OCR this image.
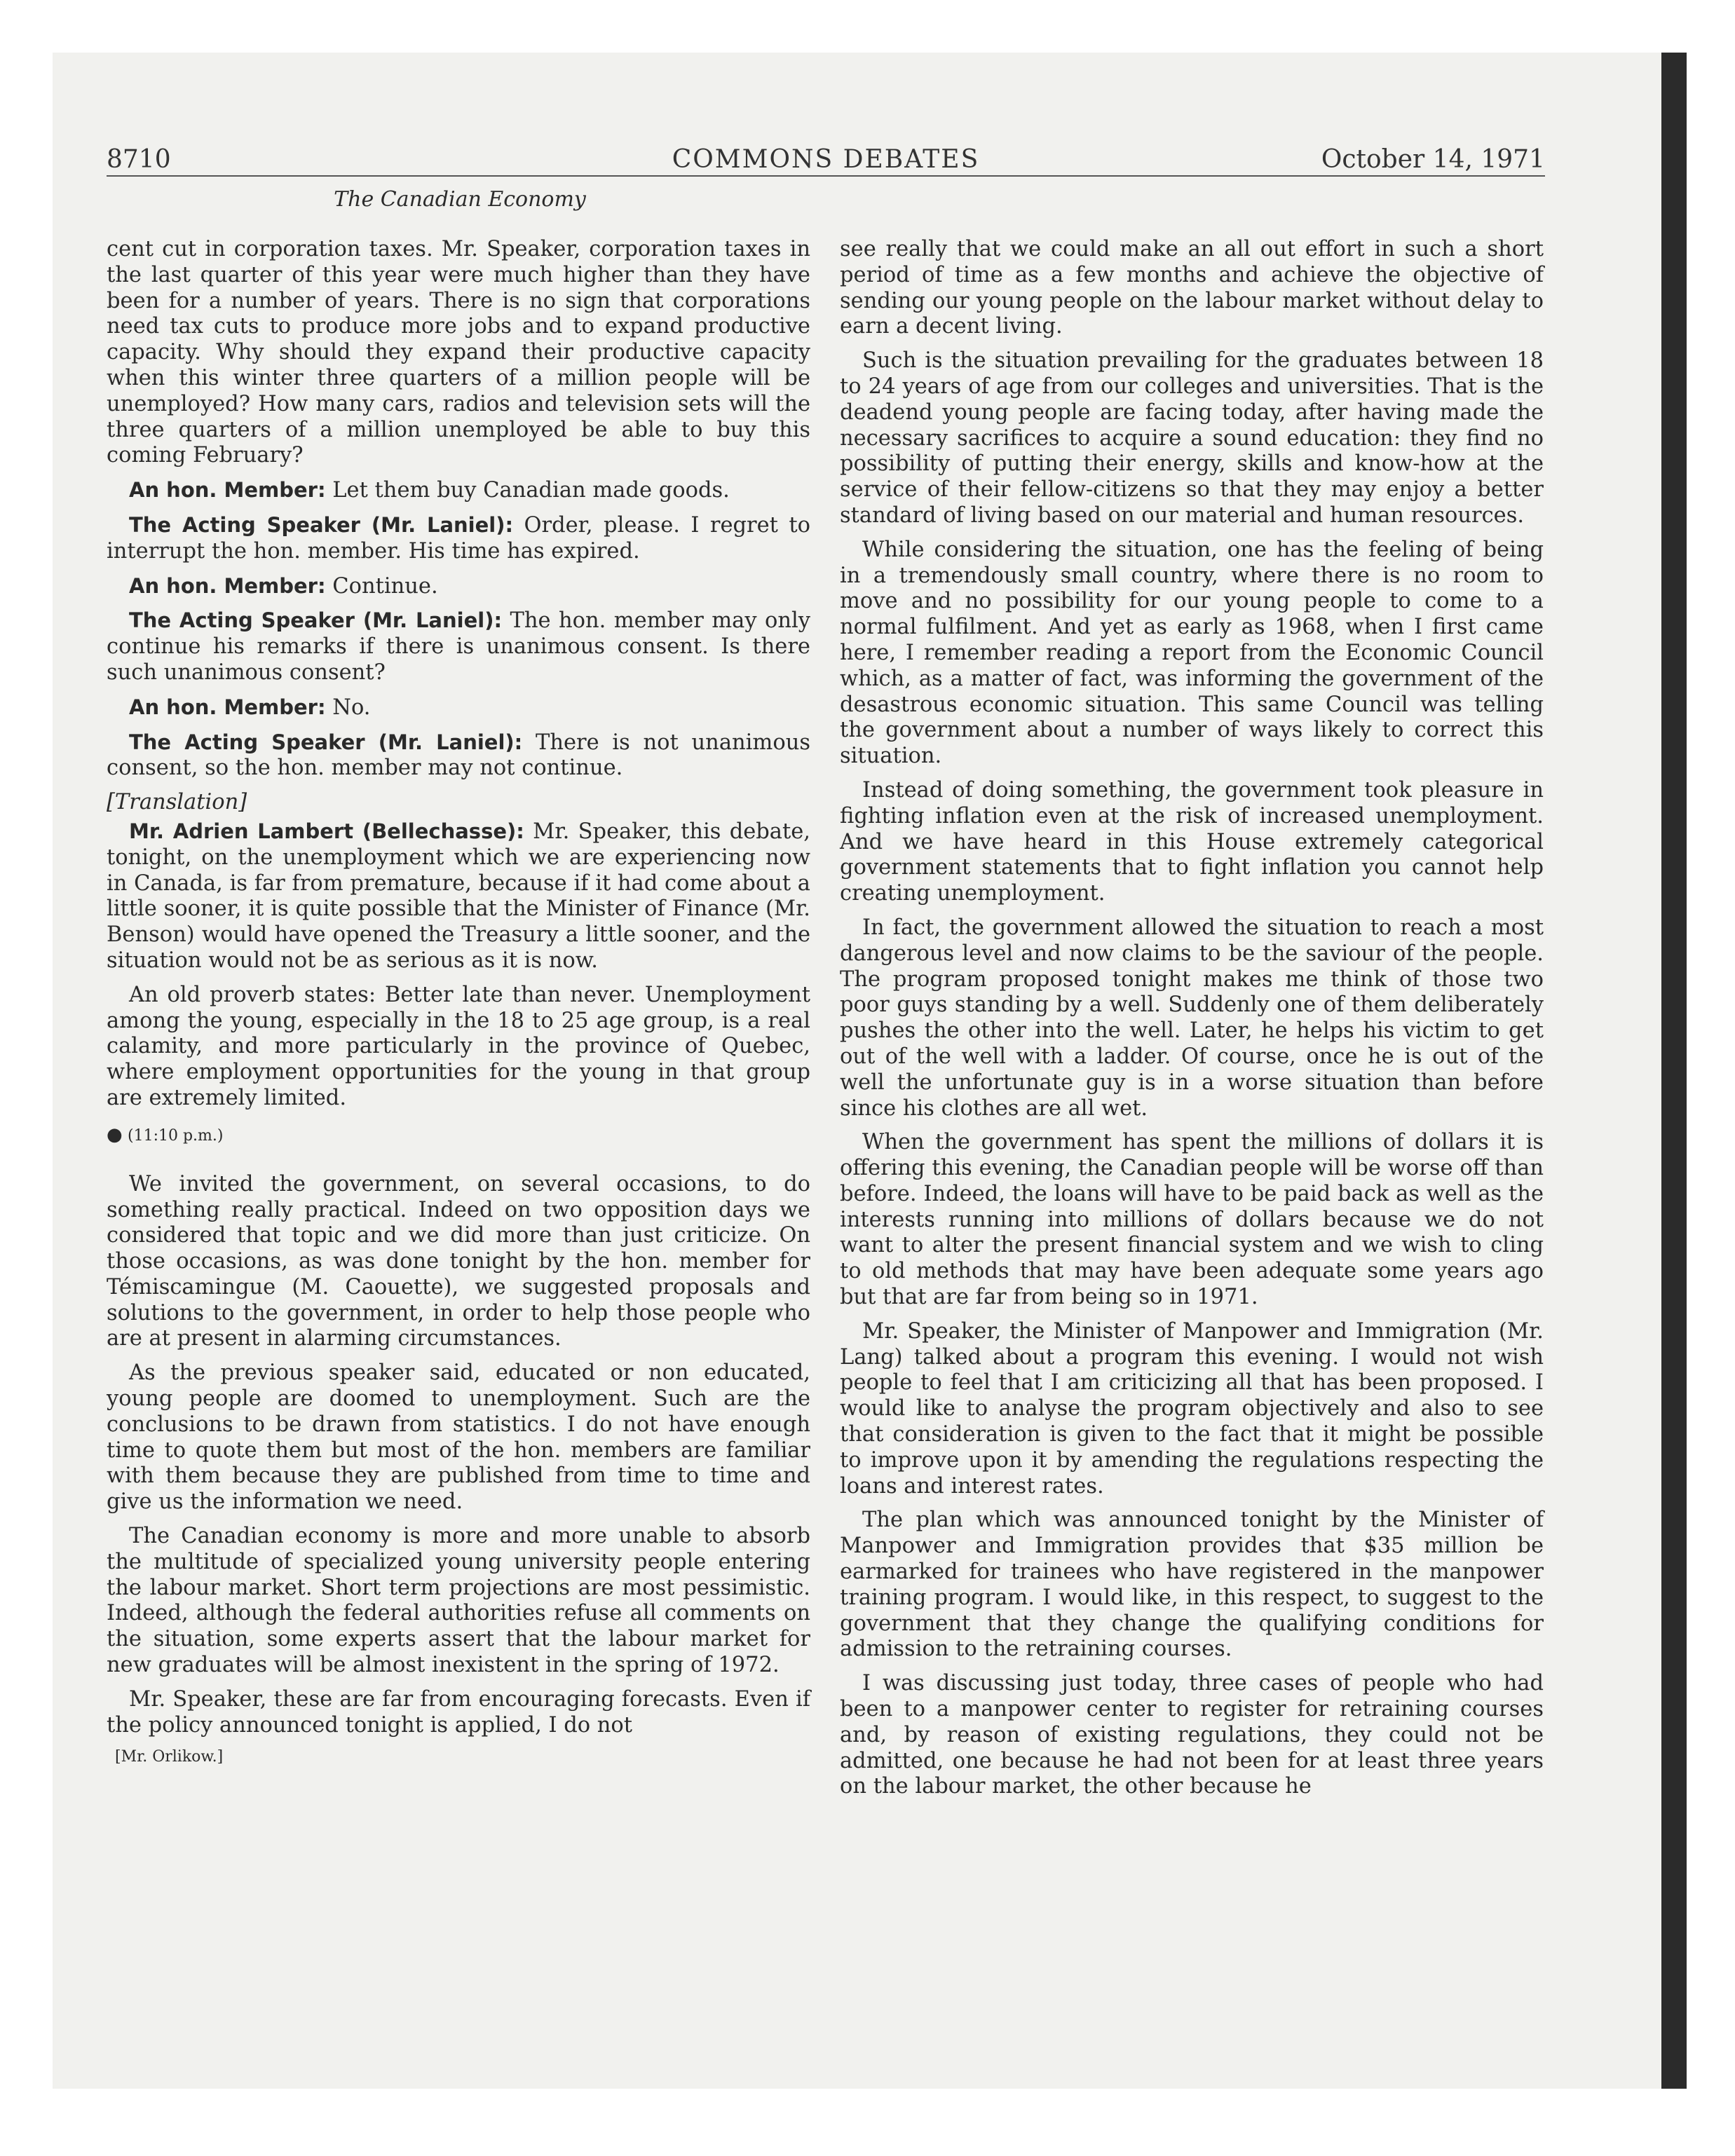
8710	COMMONS DEBATES	October 14, 1971
The Canadian Economy

cent cut in corporation taxes. Mr. Speaker, corporation taxes in the last quarter of this year were much higher than they have been for a number of years. There is no sign that corporations need tax cuts to produce more jobs and to expand productive capacity. Why should they expand their productive capacity when this winter three quarters of a million people will be unemployed? How many cars, radios and television sets will the three quarters of a million unemployed be able to buy this coming February?

An hon. Member: Let them buy Canadian made goods.

The Acting Speaker (Mr. Laniel): Order, please. I regret to interrupt the hon. member. His time has expired.

An hon. Member: Continue.

The Acting Speaker (Mr. Laniel): The hon. member may only continue his remarks if there is unanimous consent. Is there such unanimous consent?

An hon. Member: No.

The Acting Speaker (Mr. Laniel): There is not unanimous consent, so the hon. member may not continue.

[Translation]

Mr. Adrien Lambert (Bellechasse): Mr. Speaker, this debate, tonight, on the unemployment which we are experiencing now in Canada, is far from premature, because if it had come about a little sooner, it is quite possible that the Minister of Finance (Mr. Benson) would have opened the Treasury a little sooner, and the situation would not be as serious as it is now.

An old proverb states: Better late than never. Unemployment among the young, especially in the 18 to 25 age group, is a real calamity, and more particularly in the province of Quebec, where employment opportunities for the young in that group are extremely limited.

● (11:10 p.m.)

We invited the government, on several occasions, to do something really practical. Indeed on two opposition days we considered that topic and we did more than just criticize. On those occasions, as was done tonight by the hon. member for Témiscamingue (M. Caouette), we suggested proposals and solutions to the government, in order to help those people who are at present in alarming circumstances.

As the previous speaker said, educated or non educated, young people are doomed to unemployment. Such are the conclusions to be drawn from statistics. I do not have enough time to quote them but most of the hon. members are familiar with them because they are published from time to time and give us the information we need.

The Canadian economy is more and more unable to absorb the multitude of specialized young university people entering the labour market. Short term projections are most pessimistic. Indeed, although the federal authorities refuse all comments on the situation, some experts assert that the labour market for new graduates will be almost inexistent in the spring of 1972.

Mr. Speaker, these are far from encouraging forecasts. Even if the policy announced tonight is applied, I do not

[Mr. Orlikow.]

see really that we could make an all out effort in such a short period of time as a few months and achieve the objective of sending our young people on the labour market without delay to earn a decent living.

Such is the situation prevailing for the graduates between 18 to 24 years of age from our colleges and universities. That is the deadend young people are facing today, after having made the necessary sacrifices to acquire a sound education: they find no possibility of putting their energy, skills and know-how at the service of their fellow-citizens so that they may enjoy a better standard of living based on our material and human resources.

While considering the situation, one has the feeling of being in a tremendously small country, where there is no room to move and no possibility for our young people to come to a normal fulfilment. And yet as early as 1968, when I first came here, I remember reading a report from the Economic Council which, as a matter of fact, was informing the government of the desastrous economic situation. This same Council was telling the government about a number of ways likely to correct this situation.

Instead of doing something, the government took pleasure in fighting inflation even at the risk of increased unemployment. And we have heard in this House extremely categorical government statements that to fight inflation you cannot help creating unemployment.

In fact, the government allowed the situation to reach a most dangerous level and now claims to be the saviour of the people. The program proposed tonight makes me think of those two poor guys standing by a well. Suddenly one of them deliberately pushes the other into the well. Later, he helps his victim to get out of the well with a ladder. Of course, once he is out of the well the unfortunate guy is in a worse situation than before since his clothes are all wet.

When the government has spent the millions of dollars it is offering this evening, the Canadian people will be worse off than before. Indeed, the loans will have to be paid back as well as the interests running into millions of dollars because we do not want to alter the present financial system and we wish to cling to old methods that may have been adequate some years ago but that are far from being so in 1971.

Mr. Speaker, the Minister of Manpower and Immigration (Mr. Lang) talked about a program this evening. I would not wish people to feel that I am criticizing all that has been proposed. I would like to analyse the program objectively and also to see that consideration is given to the fact that it might be possible to improve upon it by amending the regulations respecting the loans and interest rates.

The plan which was announced tonight by the Minister of Manpower and Immigration provides that $35 million be earmarked for trainees who have registered in the manpower training program. I would like, in this respect, to suggest to the government that they change the qualifying conditions for admission to the retraining courses.

I was discussing just today, three cases of people who had been to a manpower center to register for retraining courses and, by reason of existing regulations, they could not be admitted, one because he had not been for at least three years on the labour market, the other because he
